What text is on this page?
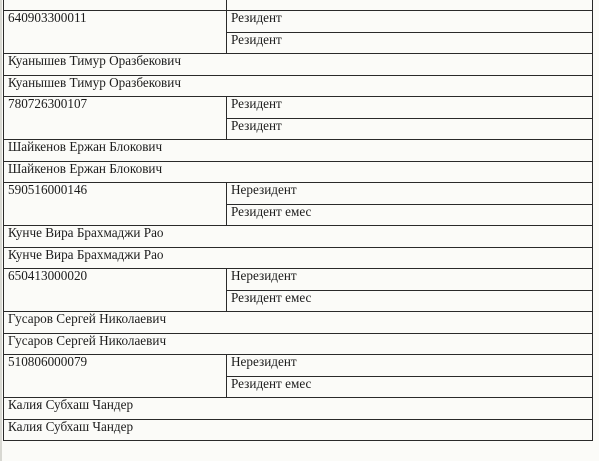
640903300011	Резидент
	Резидент
Куанышев Тимур Оразбекович	
Куанышев Тимур Оразбекович	
780726300107	Резидент
	Резидент
Шайкенов Ержан Блокович	
Шайкенов Ержан Блокович	
590516000146	Нерезидент
	Резидент емес
Кунче Вира Брахмаджи Рао	
Кунче Вира Брахмаджи Рао	
650413000020	Нерезидент
	Резидент емес
Гусаров Сергей Николаевич	
Гусаров Сергей Николаевич	
510806000079	Нерезидент
	Резидент емес
Калия Субхаш Чандер	
Калия Субхаш Чандер	
